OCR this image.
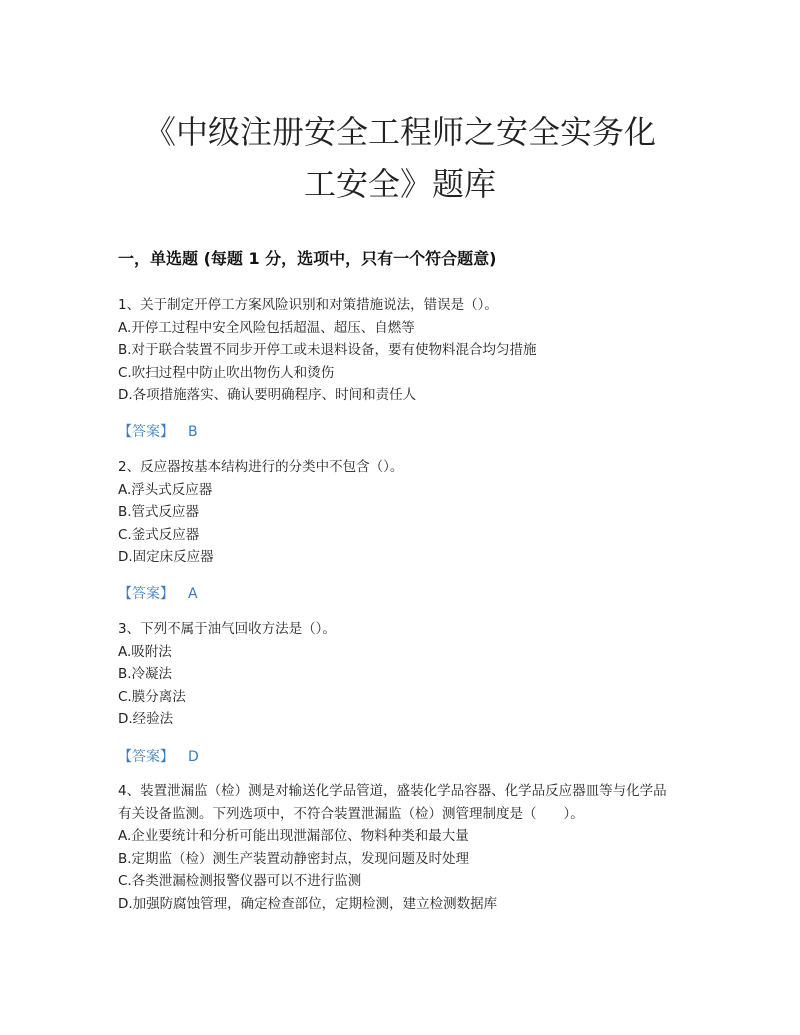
《中级注册安全工程师之安全实务化
工安全》题库
一，单选题 (每题 1 分，选项中，只有一个符合题意)
1、关于制定开停工方案风险识别和对策措施说法，错误是（）。
A.开停工过程中安全风险包括超温、超压、自燃等
B.对于联合装置不同步开停工或未退料设备，要有使物料混合均匀措施
C.吹扫过程中防止吹出物伤人和烫伤
D.各项措施落实、确认要明确程序、时间和责任人
【答案】 B
2、反应器按基本结构进行的分类中不包含（）。
A.浮头式反应器
B.管式反应器
C.釜式反应器
D.固定床反应器
【答案】 A
3、下列不属于油气回收方法是（）。
A.吸附法
B.冷凝法
C.膜分离法
D.经验法
【答案】 D
4、装置泄漏监（检）测是对输送化学品管道，盛装化学品容器、化学品反应器皿等与化学品有关设备监测。下列选项中，不符合装置泄漏监（检）测管理制度是（　　）。
A.企业要统计和分析可能出现泄漏部位、物料种类和最大量
B.定期监（检）测生产装置动静密封点，发现问题及时处理
C.各类泄漏检测报警仪器可以不进行监测
D.加强防腐蚀管理，确定检查部位，定期检测，建立检测数据库
